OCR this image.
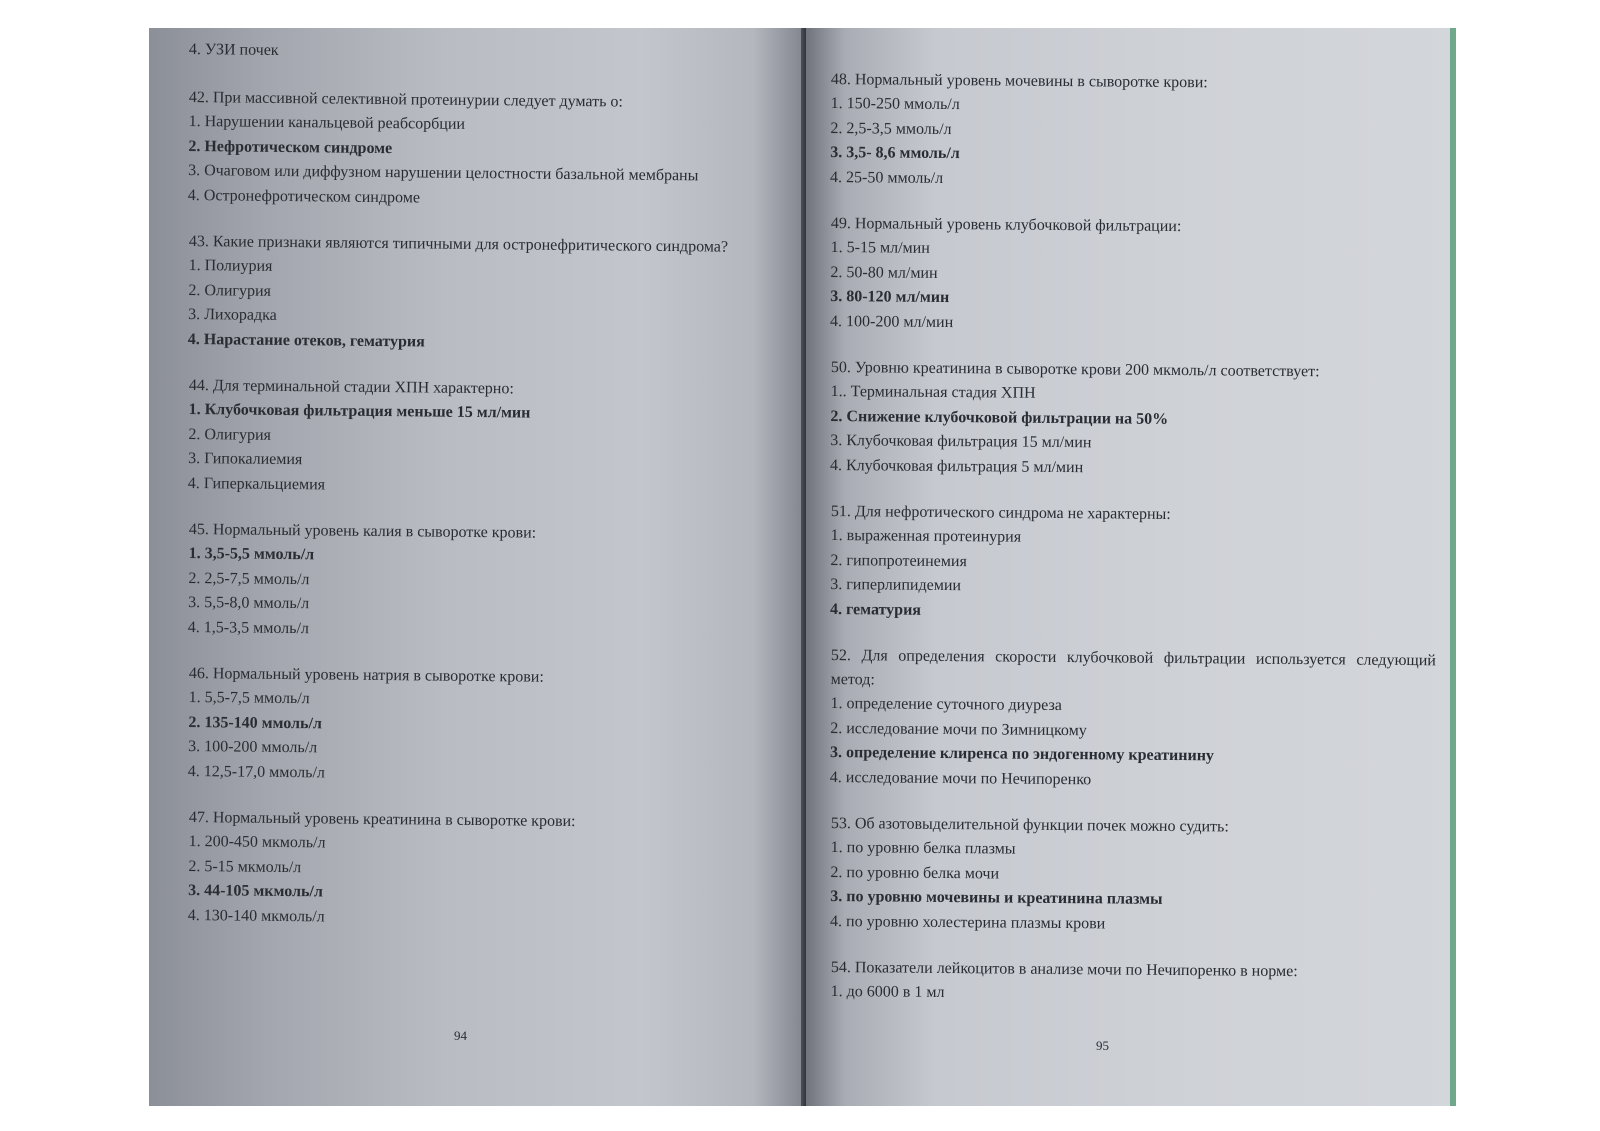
4. УЗИ почек
42. При массивной селективной протеинурии следует думать о:
1. Нарушении канальцевой реабсорбции
2. Нефротическом синдроме
3. Очаговом или диффузном нарушении целостности базальной мембраны
4. Остронефротическом синдроме
43. Какие признаки являются типичными для остронефритического синдрома?
1. Полиурия
2. Олигурия
3. Лихорадка
4. Нарастание отеков, гематурия
44. Для терминальной стадии ХПН характерно:
1. Клубочковая фильтрация меньше 15 мл/мин
2. Олигурия
3. Гипокалиемия
4. Гиперкальциемия
45. Нормальный уровень калия в сыворотке крови:
1. 3,5-5,5 ммоль/л
2. 2,5-7,5 ммоль/л
3. 5,5-8,0 ммоль/л
4. 1,5-3,5 ммоль/л
46. Нормальный уровень натрия в сыворотке крови:
1. 5,5-7,5 ммоль/л
2. 135-140 ммоль/л
3. 100-200 ммоль/л
4. 12,5-17,0 ммоль/л
47. Нормальный уровень креатинина в сыворотке крови:
1. 200-450 мкмоль/л
2. 5-15 мкмоль/л
3. 44-105 мкмоль/л
4. 130-140 мкмоль/л
94
48. Нормальный уровень мочевины в сыворотке крови:
1. 150-250 ммоль/л
2. 2,5-3,5 ммоль/л
3. 3,5- 8,6 ммоль/л
4. 25-50 ммоль/л
49. Нормальный уровень клубочковой фильтрации:
1. 5-15 мл/мин
2. 50-80 мл/мин
3. 80-120 мл/мин
4. 100-200 мл/мин
50. Уровню креатинина в сыворотке крови 200 мкмоль/л соответствует:
1.. Терминальная стадия ХПН
2. Снижение клубочковой фильтрации на 50%
3. Клубочковая фильтрация 15 мл/мин
4. Клубочковая фильтрация 5 мл/мин
51. Для нефротического синдрома не характерны:
1. выраженная протеинурия
2. гипопротеинемия
3. гиперлипидемии
4. гематурия
52. Для определения скорости клубочковой фильтрации используется следующий метод:
1. определение суточного диуреза
2. исследование мочи по Зимницкому
3. определение клиренса по эндогенному креатинину
4. исследование мочи по Нечипоренко
53. Об азотовыделительной функции почек можно судить:
1. по уровню белка плазмы
2. по уровню белка мочи
3. по уровню мочевины и креатинина плазмы
4. по уровню холестерина плазмы крови
54. Показатели лейкоцитов в анализе мочи по Нечипоренко в норме:
1. до 6000 в 1 мл
95
